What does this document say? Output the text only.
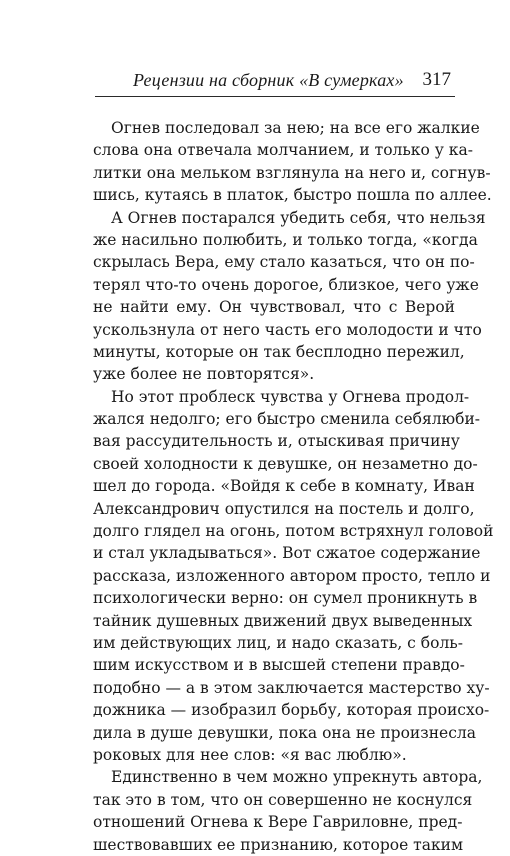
Рецензии на сборник «В сумерках» 317

Огнев последовал за нею; на все его жалкие
слова она отвечала молчанием, и только у ка-
литки она мельком взглянула на него и, согнув-
шись, кутаясь в платок, быстро пошла по аллее.

А Огнев постарался убедить себя, что нельзя
же насильно полюбить, и только тогда, «когда
скрылась Вера, ему стало казаться, что он по-
терял что-то очень дорогое, близкое, чего уже
не найти ему. Он чувствовал, что с Верой
ускользнула от него часть его молодости и что
минуты, которые он так бесплодно пережил,
уже более не повторятся».

Но этот проблеск чувства у Огнева продол-
жался недолго; его быстро сменила себялюби-
вая рассудительность и, отыскивая причину
своей холодности к девушке, он незаметно до-
шел до города. «Войдя к себе в комнату, Иван
Александрович опустился на постель и долго,
долго глядел на огонь, потом встряхнул головой
и стал укладываться». Вот сжатое содержание
рассказа, изложенного автором просто, тепло и
психологически верно: он сумел проникнуть в
тайник душевных движений двух выведенных
им действующих лиц, и надо сказать, с боль-
шим искусством и в высшей степени правдо-
подобно — а в этом заключается мастерство ху-
дожника — изобразил борьбу, которая происхо-
дила в душе девушки, пока она не произнесла
роковых для нее слов: «я вас люблю».

Единственно в чем можно упрекнуть автора,
так это в том, что он совершенно не коснулся
отношений Огнева к Вере Гавриловне, пред-
шествовавших ее признанию, которое таким
